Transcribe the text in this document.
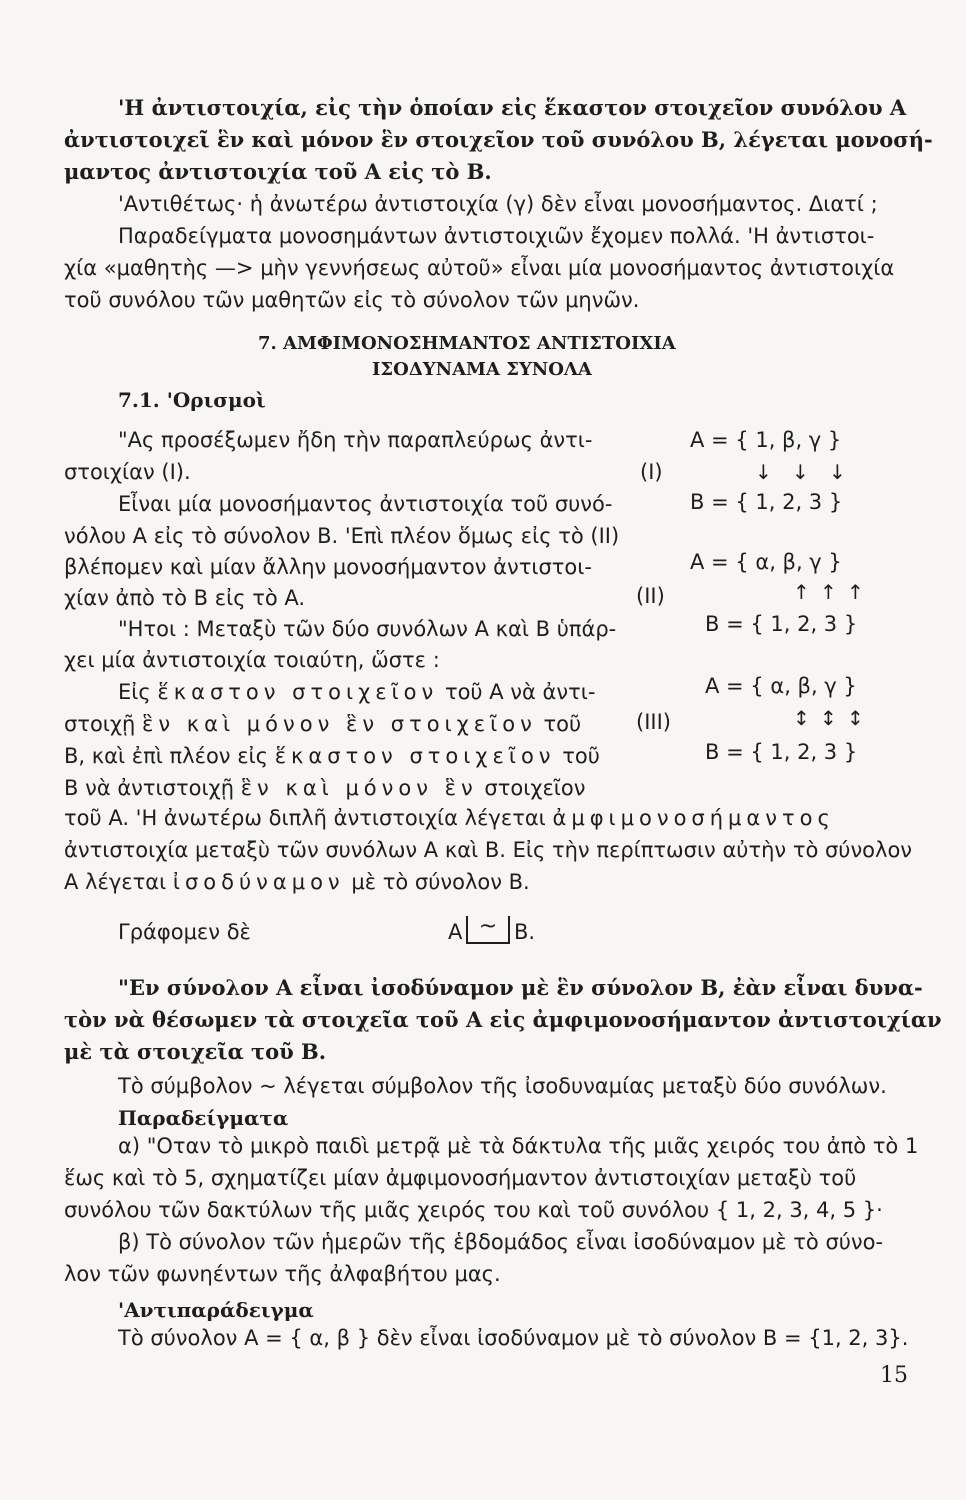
'Η ἀντιστοιχία, εἰς τὴν ὁποίαν εἰς ἕκαστον στοιχεῖον συνόλου A
ἀντιστοιχεῖ ἓν καὶ μόνον ἓν στοιχεῖον τοῦ συνόλου B, λέγεται μονοσή-
μαντος ἀντιστοιχία τοῦ A εἰς τὸ B.
'Αντιθέτως· ἡ ἀνωτέρω ἀντιστοιχία (γ) δὲν εἶναι μονοσήμαντος. Διατί ;
Παραδείγματα μονοσημάντων ἀντιστοιχιῶν ἔχομεν πολλά. 'Η ἀντιστοι-
χία «μαθητὴς —> μὴν γεννήσεως αὐτοῦ» εἶναι μία μονοσήμαντος ἀντιστοιχία
τοῦ συνόλου τῶν μαθητῶν εἰς τὸ σύνολον τῶν μηνῶν.
7. ΑΜΦΙΜΟΝΟΣΗΜΑΝΤΟΣ ΑΝΤΙΣΤΟΙΧΙΑ
ΙΣΟΔΥΝΑΜΑ ΣΥΝΟΛΑ
7.1. 'Ορισμοὶ
"Ας προσέξωμεν ἤδη τὴν παραπλεύρως ἀντι-
στοιχίαν (I).
Εἶναι μία μονοσήμαντος ἀντιστοιχία τοῦ συνό-
νόλου A εἰς τὸ σύνολον B. 'Επὶ πλέον ὅμως εἰς τὸ (II)
βλέπομεν καὶ μίαν ἄλλην μονοσήμαντον ἀντιστοι-
χίαν ἀπὸ τὸ B εἰς τὸ A.
"Ητοι : Μεταξὺ τῶν δύο συνόλων A καὶ B ὑπάρ-
χει μία ἀντιστοιχία τοιαύτη, ὥστε :
Εἰς ἕκαστον στοιχεῖον τοῦ A νὰ ἀντι-
στοιχῇ ἓν καὶ μόνον ἓν στοιχεῖον τοῦ
B, καὶ ἐπὶ πλέον εἰς ἕκαστον στοιχεῖον τοῦ
B νὰ ἀντιστοιχῇ ἓν καὶ μόνον ἓν στοιχεῖον
A = { 1, β, γ }
(I)	↓ ↓ ↓
B = { 1, 2, 3 }
A = { α, β, γ }
(II)	↑ ↑ ↑
B = { 1, 2, 3 }
A = { α, β, γ }
(III)	↕ ↕ ↕
B = { 1, 2, 3 }
τοῦ A. 'Η ἀνωτέρω διπλῆ ἀντιστοιχία λέγεται ἀμφιμονοσήμαντος
ἀντιστοιχία μεταξὺ τῶν συνόλων A καὶ B. Εἰς τὴν περίπτωσιν αὐτὴν τὸ σύνολον
A λέγεται ἰσοδύναμον μὲ τὸ σύνολον B.
Γράφομεν δὲ	A ~ B.
"Εν σύνολον A εἶναι ἰσοδύναμον μὲ ἓν σύνολον B, ἐὰν εἶναι δυνα-
τὸν νὰ θέσωμεν τὰ στοιχεῖα τοῦ A εἰς ἀμφιμονοσήμαντον ἀντιστοιχίαν
μὲ τὰ στοιχεῖα τοῦ B.
Τὸ σύμβολον ~ λέγεται σύμβολον τῆς ἰσοδυναμίας μεταξὺ δύο συνόλων.
Παραδείγματα
α) "Οταν τὸ μικρὸ παιδὶ μετρᾷ μὲ τὰ δάκτυλα τῆς μιᾶς χειρός του ἀπὸ τὸ 1
ἕως καὶ τὸ 5, σχηματίζει μίαν ἀμφιμονοσήμαντον ἀντιστοιχίαν μεταξὺ τοῦ
συνόλου τῶν δακτύλων τῆς μιᾶς χειρός του καὶ τοῦ συνόλου { 1, 2, 3, 4, 5 }·
β) Τὸ σύνολον τῶν ἡμερῶν τῆς ἑβδομάδος εἶναι ἰσοδύναμον μὲ τὸ σύνο-
λον τῶν φωνηέντων τῆς ἀλφαβήτου μας.
'Αντιπαράδειγμα
Τὸ σύνολον A = { α, β } δὲν εἶναι ἰσοδύναμον μὲ τὸ σύνολον B = {1, 2, 3}.
15
